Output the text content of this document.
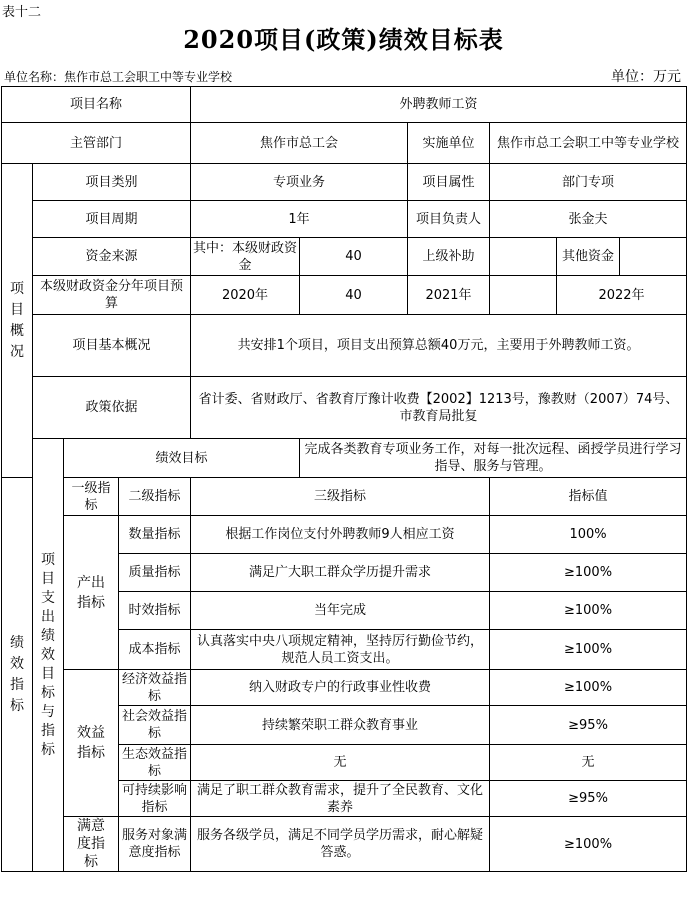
表十二
2020项目(政策)绩效目标表
单位名称：焦作市总工会职工中等专业学校	单位：万元
项目名称				外聘教师工资						
主管部门				焦作市总工会		实施单位	焦作市总工会职工中等专业学校			
项目概况	项目类别			专项业务		项目属性	部门专项			
	项目周期			1年		项目负责人	张金夫			
	资金来源			其中：本级财政资金	40	上级补助		其他资金		
	本级财政资金分年项目预算			2020年	40	2021年		2022年		
	项目基本概况			共安排1个项目，项目支出预算总额40万元，主要用于外聘教师工资。						
	政策依据			省计委、省财政厅、省教育厅豫计收费【2002】1213号，豫教财（2007）74号、市教育局批复						
	项目支出绩效目标与指标	绩效目标			完成各类教育专项业务工作，对每一批次远程、函授学员进行学习指导、服务与管理。					
绩效指标		一级指标	二级指标	三级指标			指标值			
		产出指标	数量指标	根据工作岗位支付外聘教师9人相应工资			100%			
			质量指标	满足广大职工群众学历提升需求			≥100%			
			时效指标	当年完成			≥100%			
			成本指标	认真落实中央八项规定精神，坚持厉行勤俭节约，规范人员工资支出。			≥100%			
		效益指标	经济效益指标	纳入财政专户的行政事业性收费			≥100%			
			社会效益指标	持续繁荣职工群众教育事业			≥95%			
			生态效益指标	无			无			
			可持续影响指标	满足了职工群众教育需求，提升了全民教育、文化素养			≥95%			
		满意度指标	服务对象满意度指标	服务各级学员，满足不同学员学历需求，耐心解疑答惑。			≥100%			
